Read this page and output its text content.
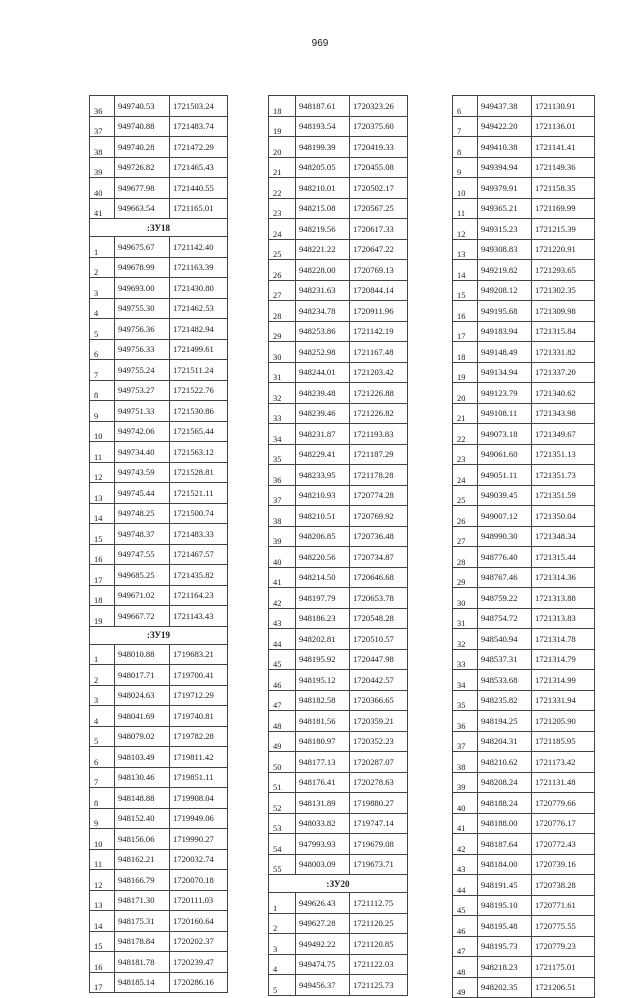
969
36	949740.53	1721503.24
37	949740.88	1721483.74
38	949740.28	1721472.29
39	949726.82	1721465.43
40	949677.98	1721440.55
41	949663.54	1721165.01
:ЗУ18		
1	949675.67	1721142.40
2	949678.99	1721163.39
3	949693.00	1721430.80
4	949755.30	1721462.53
5	949756.36	1721482.94
6	949756.33	1721499.61
7	949755.24	1721511.24
8	949753.27	1721522.76
9	949751.33	1721530.86
10	949742.06	1721565.44
11	949734.40	1721563.12
12	949743.59	1721528.81
13	949745.44	1721521.11
14	949748.25	1721500.74
15	949748.37	1721483.33
16	949747.55	1721467.57
17	949685.25	1721435.82
18	949671.02	1721164.23
19	949667.72	1721143.43
:ЗУ19		
1	948010.88	1719683.21
2	948017.71	1719700.41
3	948024.63	1719712.29
4	948041.69	1719740.81
5	948079.02	1719782.28
6	948103.49	1719811.42
7	948130.46	1719851.11
8	948148.88	1719908.04
9	948152.40	1719949.06
10	948156.06	1719990.27
11	948162.21	1720032.74
12	948166.79	1720070.18
13	948171.30	1720111.03
14	948175.31	1720160.64
15	948178.84	1720202.37
16	948181.78	1720239.47
17	948185.14	1720286.16
18	948187.61	1720323.26
19	948193.54	1720375.60
20	948199.39	1720419.33
21	948205.05	1720455.08
22	948210.01	1720502.17
23	948215.08	1720567.25
24	948219.56	1720617.33
25	948221.22	1720647.22
26	948228.00	1720769.13
27	948231.63	1720844.14
28	948234.78	1720911.96
29	948253.86	1721142.19
30	948252.98	1721167.48
31	948244.01	1721203.42
32	948239.48	1721226.88
33	948239.46	1721226.82
34	948231.87	1721193.83
35	948229.41	1721187.29
36	948233.95	1721178.28
37	948210.93	1720774.28
38	948210.51	1720769.92
39	948206.85	1720736.48
40	948220.56	1720734.87
41	948214.50	1720646.68
42	948197.79	1720653.78
43	948186.23	1720548.28
44	948202.81	1720510.57
45	948195.92	1720447.98
46	948195.12	1720442.57
47	948182.58	1720366.65
48	948181.56	1720359.21
49	948180.97	1720352.23
50	948177.13	1720287.07
51	948176.41	1720278.63
52	948131.89	1719880.27
53	948033.82	1719747.14
54	947993.93	1719679.08
55	948003.09	1719673.71
:ЗУ20		
1	949626.43	1721112.75
2	949627.28	1721120.25
3	949492.22	1721120.85
4	949474.75	1721122.03
5	949456.37	1721125.73
6	949437.38	1721130.91
7	949422.20	1721136.01
8	949410.38	1721141.41
9	949394.94	1721149.36
10	949379.91	1721158.35
11	949365.21	1721169.99
12	949315.23	1721215.39
13	949308.83	1721220.91
14	949219.82	1721293.65
15	949208.12	1721302.35
16	949195.68	1721309.98
17	949183.94	1721315.84
18	949148.49	1721331.82
19	949134.94	1721337.20
20	949123.79	1721340.62
21	949108.11	1721343.98
22	949073.18	1721349.67
23	949061.60	1721351.13
24	949051.11	1721351.73
25	949039.45	1721351.59
26	949007.12	1721350.04
27	948990.30	1721348.34
28	948776.40	1721315.44
29	948767.46	1721314.36
30	948759.22	1721313.88
31	948754.72	1721313.83
32	948540.94	1721314.78
33	948537.31	1721314.79
34	948533.68	1721314.99
35	948235.82	1721331.94
36	948194.25	1721205.90
37	948204.31	1721185.95
38	948210.62	1721173.42
39	948208.24	1721131.48
40	948188.24	1720779.66
41	948188.00	1720776.17
42	948187.64	1720772.43
43	948184.00	1720739.16
44	948191.45	1720738.28
45	948195.10	1720771.61
46	948195.48	1720775.55
47	948195.73	1720779.23
48	948218.23	1721175.01
49	948202.35	1721206.51
